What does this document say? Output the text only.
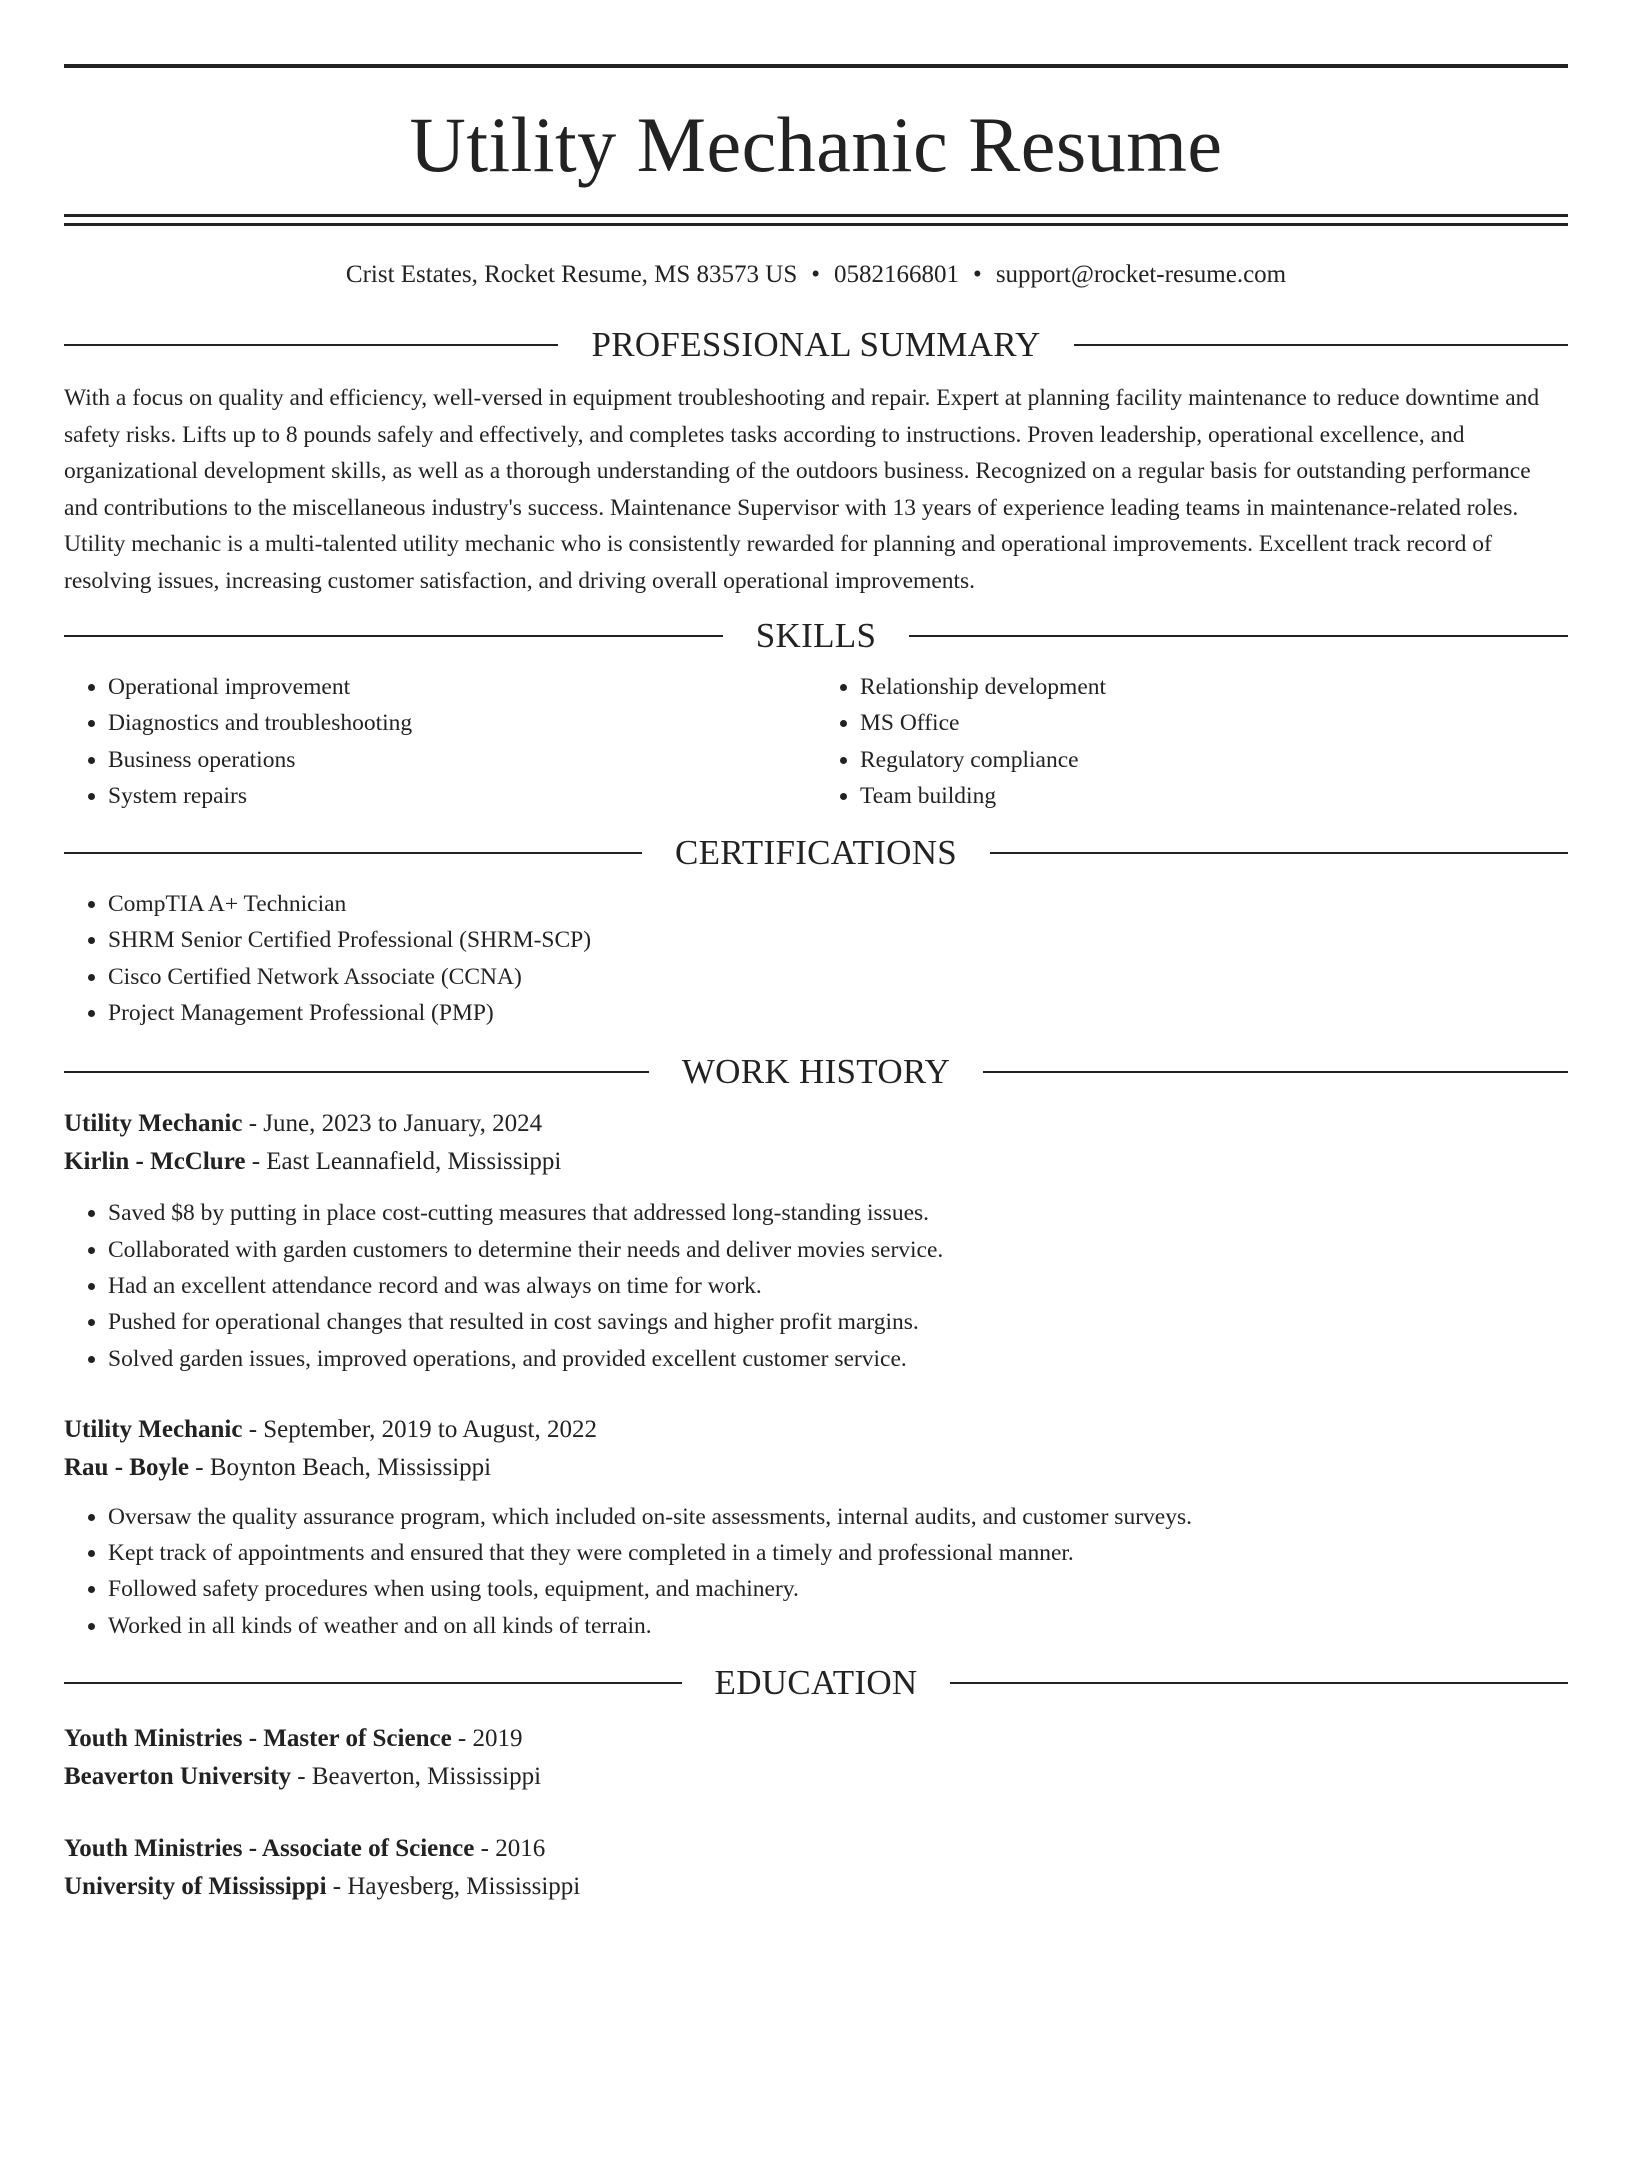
Utility Mechanic Resume
Crist Estates, Rocket Resume, MS 83573 US • 0582166801 • support@rocket-resume.com
PROFESSIONAL SUMMARY
With a focus on quality and efficiency, well-versed in equipment troubleshooting and repair. Expert at planning facility maintenance to reduce downtime and safety risks. Lifts up to 8 pounds safely and effectively, and completes tasks according to instructions. Proven leadership, operational excellence, and organizational development skills, as well as a thorough understanding of the outdoors business. Recognized on a regular basis for outstanding performance and contributions to the miscellaneous industry's success. Maintenance Supervisor with 13 years of experience leading teams in maintenance-related roles. Utility mechanic is a multi-talented utility mechanic who is consistently rewarded for planning and operational improvements. Excellent track record of resolving issues, increasing customer satisfaction, and driving overall operational improvements.
SKILLS
• Operational improvement
• Diagnostics and troubleshooting
• Business operations
• System repairs
• Relationship development
• MS Office
• Regulatory compliance
• Team building
CERTIFICATIONS
• CompTIA A+ Technician
• SHRM Senior Certified Professional (SHRM-SCP)
• Cisco Certified Network Associate (CCNA)
• Project Management Professional (PMP)
WORK HISTORY
Utility Mechanic - June, 2023 to January, 2024
Kirlin - McClure - East Leannafield, Mississippi
• Saved $8 by putting in place cost-cutting measures that addressed long-standing issues.
• Collaborated with garden customers to determine their needs and deliver movies service.
• Had an excellent attendance record and was always on time for work.
• Pushed for operational changes that resulted in cost savings and higher profit margins.
• Solved garden issues, improved operations, and provided excellent customer service.
Utility Mechanic - September, 2019 to August, 2022
Rau - Boyle - Boynton Beach, Mississippi
• Oversaw the quality assurance program, which included on-site assessments, internal audits, and customer surveys.
• Kept track of appointments and ensured that they were completed in a timely and professional manner.
• Followed safety procedures when using tools, equipment, and machinery.
• Worked in all kinds of weather and on all kinds of terrain.
EDUCATION
Youth Ministries - Master of Science - 2019
Beaverton University - Beaverton, Mississippi
Youth Ministries - Associate of Science - 2016
University of Mississippi - Hayesberg, Mississippi
